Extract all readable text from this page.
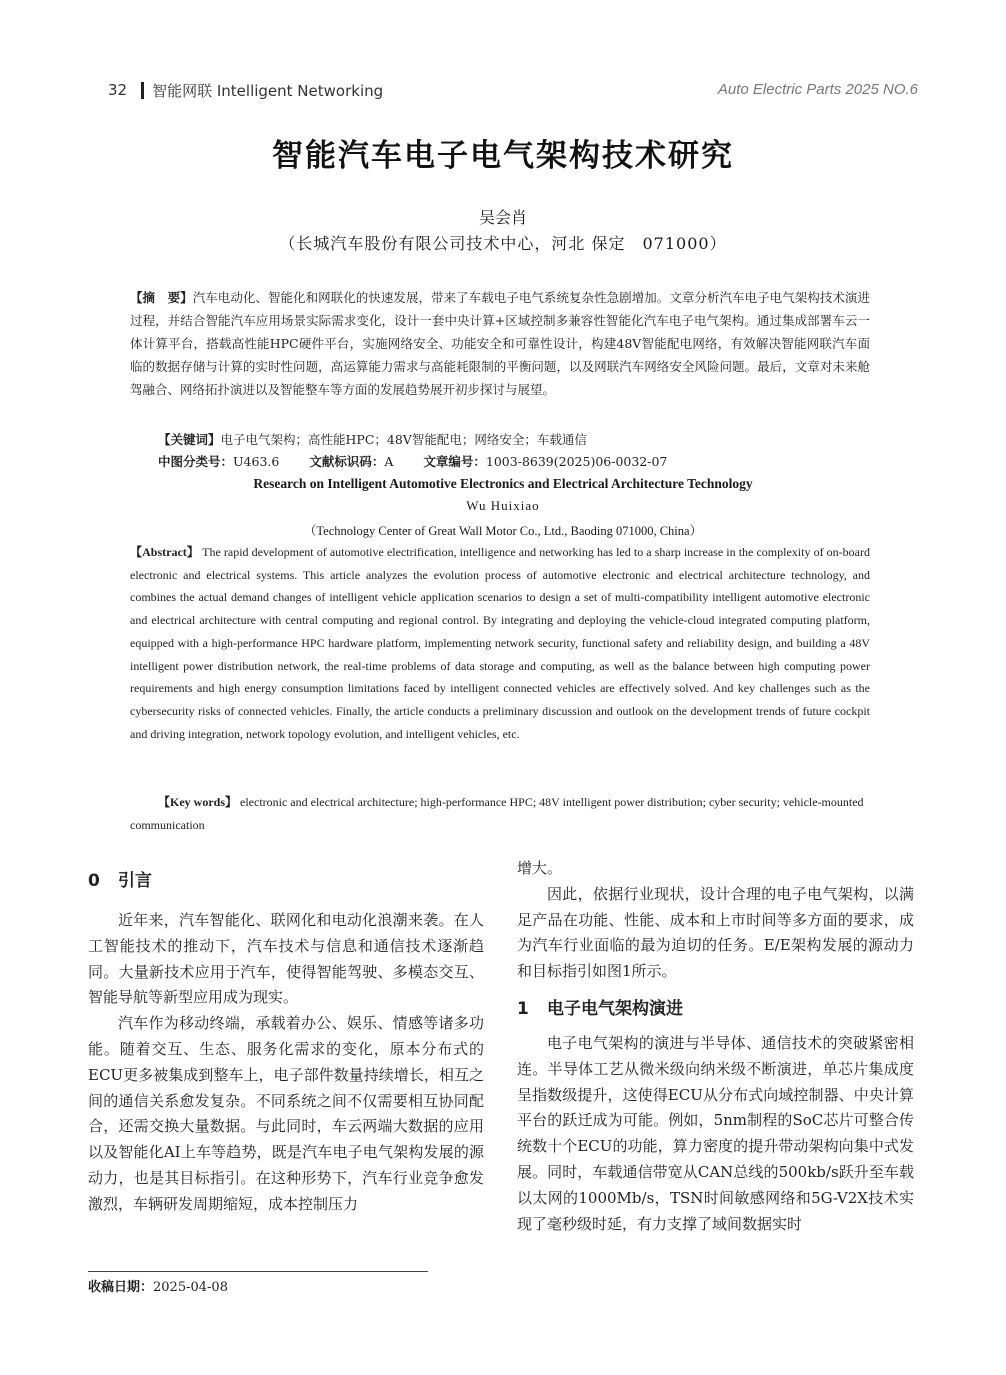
32 智能网联 Intelligent Networking	Auto Electric Parts 2025 NO.6
智能汽车电子电气架构技术研究
吴会肖
（长城汽车股份有限公司技术中心，河北 保定　071000）
【摘　要】汽车电动化、智能化和网联化的快速发展，带来了车载电子电气系统复杂性急剧增加。文章分析汽车电子电气架构技术演进过程，并结合智能汽车应用场景实际需求变化，设计一套中央计算+区域控制多兼容性智能化汽车电子电气架构。通过集成部署车云一体计算平台，搭载高性能HPC硬件平台，实施网络安全、功能安全和可靠性设计，构建48V智能配电网络，有效解决智能网联汽车面临的数据存储与计算的实时性问题，高运算能力需求与高能耗限制的平衡问题，以及网联汽车网络安全风险问题。最后，文章对未来舱驾融合、网络拓扑演进以及智能整车等方面的发展趋势展开初步探讨与展望。
【关键词】电子电气架构；高性能HPC；48V智能配电；网络安全；车载通信
中图分类号：U463.6 文献标识码：A 文章编号：1003-8639(2025)06-0032-07
Research on Intelligent Automotive Electronics and Electrical Architecture Technology
Wu Huixiao
（Technology Center of Great Wall Motor Co., Ltd., Baoding 071000, China）
【Abstract】 The rapid development of automotive electrification, intelligence and networking has led to a sharp increase in the complexity of on-board electronic and electrical systems. This article analyzes the evolution process of automotive electronic and electrical architecture technology, and combines the actual demand changes of intelligent vehicle application scenarios to design a set of multi-compatibility intelligent automotive electronic and electrical architecture with central computing and regional control. By integrating and deploying the vehicle-cloud integrated computing platform, equipped with a high-performance HPC hardware platform, implementing network security, functional safety and reliability design, and building a 48V intelligent power distribution network, the real-time problems of data storage and computing, as well as the balance between high computing power requirements and high energy consumption limitations faced by intelligent connected vehicles are effectively solved. And key challenges such as the cybersecurity risks of connected vehicles. Finally, the article conducts a preliminary discussion and outlook on the development trends of future cockpit and driving integration, network topology evolution, and intelligent vehicles, etc.
【Key words】 electronic and electrical architecture; high-performance HPC; 48V intelligent power distribution; cyber security; vehicle-mounted communication
0 引言

近年来，汽车智能化、联网化和电动化浪潮来袭。在人工智能技术的推动下，汽车技术与信息和通信技术逐渐趋同。大量新技术应用于汽车，使得智能驾驶、多模态交互、智能导航等新型应用成为现实。

汽车作为移动终端，承载着办公、娱乐、情感等诸多功能。随着交互、生态、服务化需求的变化，原本分布式的ECU更多被集成到整车上，电子部件数量持续增长，相互之间的通信关系愈发复杂。不同系统之间不仅需要相互协同配合，还需交换大量数据。与此同时，车云两端大数据的应用以及智能化AI上车等趋势，既是汽车电子电气架构发展的源动力，也是其目标指引。在这种形势下，汽车行业竞争愈发激烈，车辆研发周期缩短，成本控制压力

增大。

因此，依据行业现状，设计合理的电子电气架构，以满足产品在功能、性能、成本和上市时间等多方面的要求，成为汽车行业面临的最为迫切的任务。E/E架构发展的源动力和目标指引如图1所示。

1 电子电气架构演进

电子电气架构的演进与半导体、通信技术的突破紧密相连。半导体工艺从微米级向纳米级不断演进，单芯片集成度呈指数级提升，这使得ECU从分布式向域控制器、中央计算平台的跃迁成为可能。例如，5nm制程的SoC芯片可整合传统数十个ECU的功能，算力密度的提升带动架构向集中式发展。同时，车载通信带宽从CAN总线的500kb/s跃升至车载以太网的1000Mb/s，TSN时间敏感网络和5G-V2X技术实现了毫秒级时延，有力支撑了域间数据实时

收稿日期：2025-04-08
